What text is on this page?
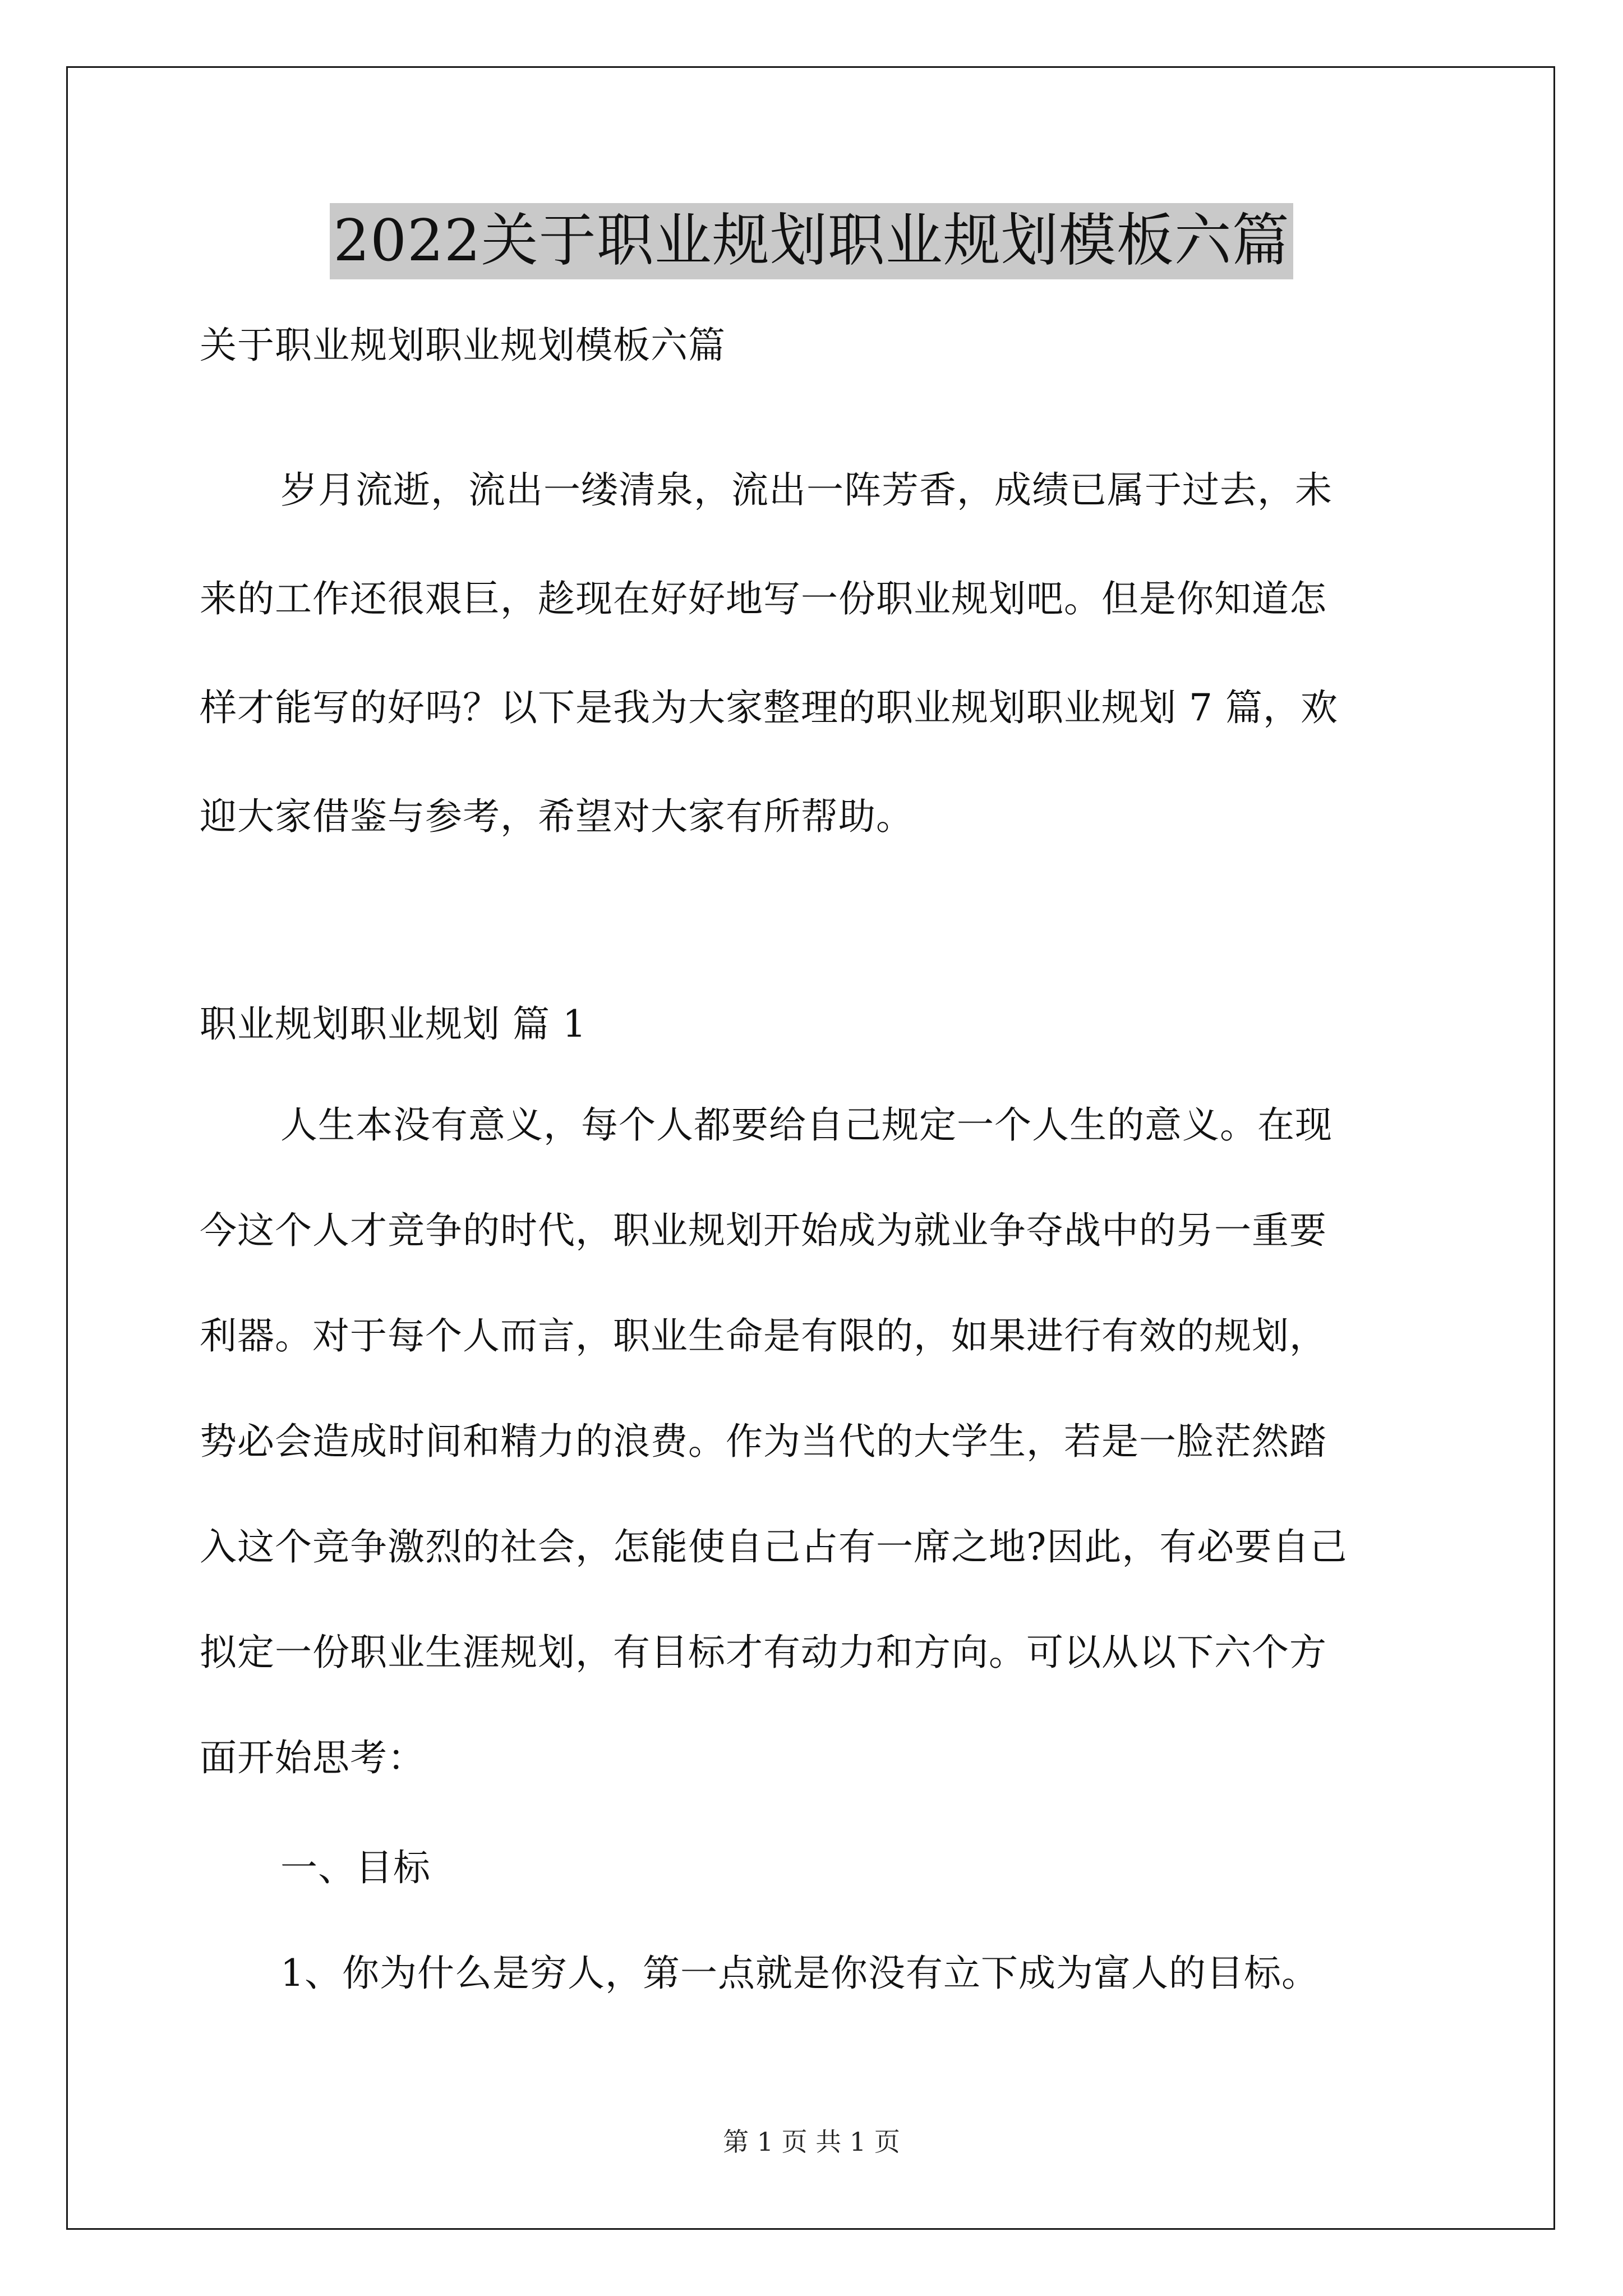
2022关于职业规划职业规划模板六篇
关于职业规划职业规划模板六篇
岁月流逝，流出一缕清泉，流出一阵芳香，成绩已属于过去，未
来的工作还很艰巨，趁现在好好地写一份职业规划吧。但是你知道怎
样才能写的好吗？以下是我为大家整理的职业规划职业规划 7 篇，欢
迎大家借鉴与参考，希望对大家有所帮助。
职业规划职业规划 篇 1
人生本没有意义，每个人都要给自己规定一个人生的意义。在现
今这个人才竞争的时代，职业规划开始成为就业争夺战中的另一重要
利器。对于每个人而言，职业生命是有限的，如果进行有效的规划，
势必会造成时间和精力的浪费。作为当代的大学生，若是一脸茫然踏
入这个竞争激烈的社会，怎能使自己占有一席之地?因此，有必要自己
拟定一份职业生涯规划，有目标才有动力和方向。可以从以下六个方
面开始思考：
一、目标
1、你为什么是穷人，第一点就是你没有立下成为富人的目标。
第 1 页 共 1 页
